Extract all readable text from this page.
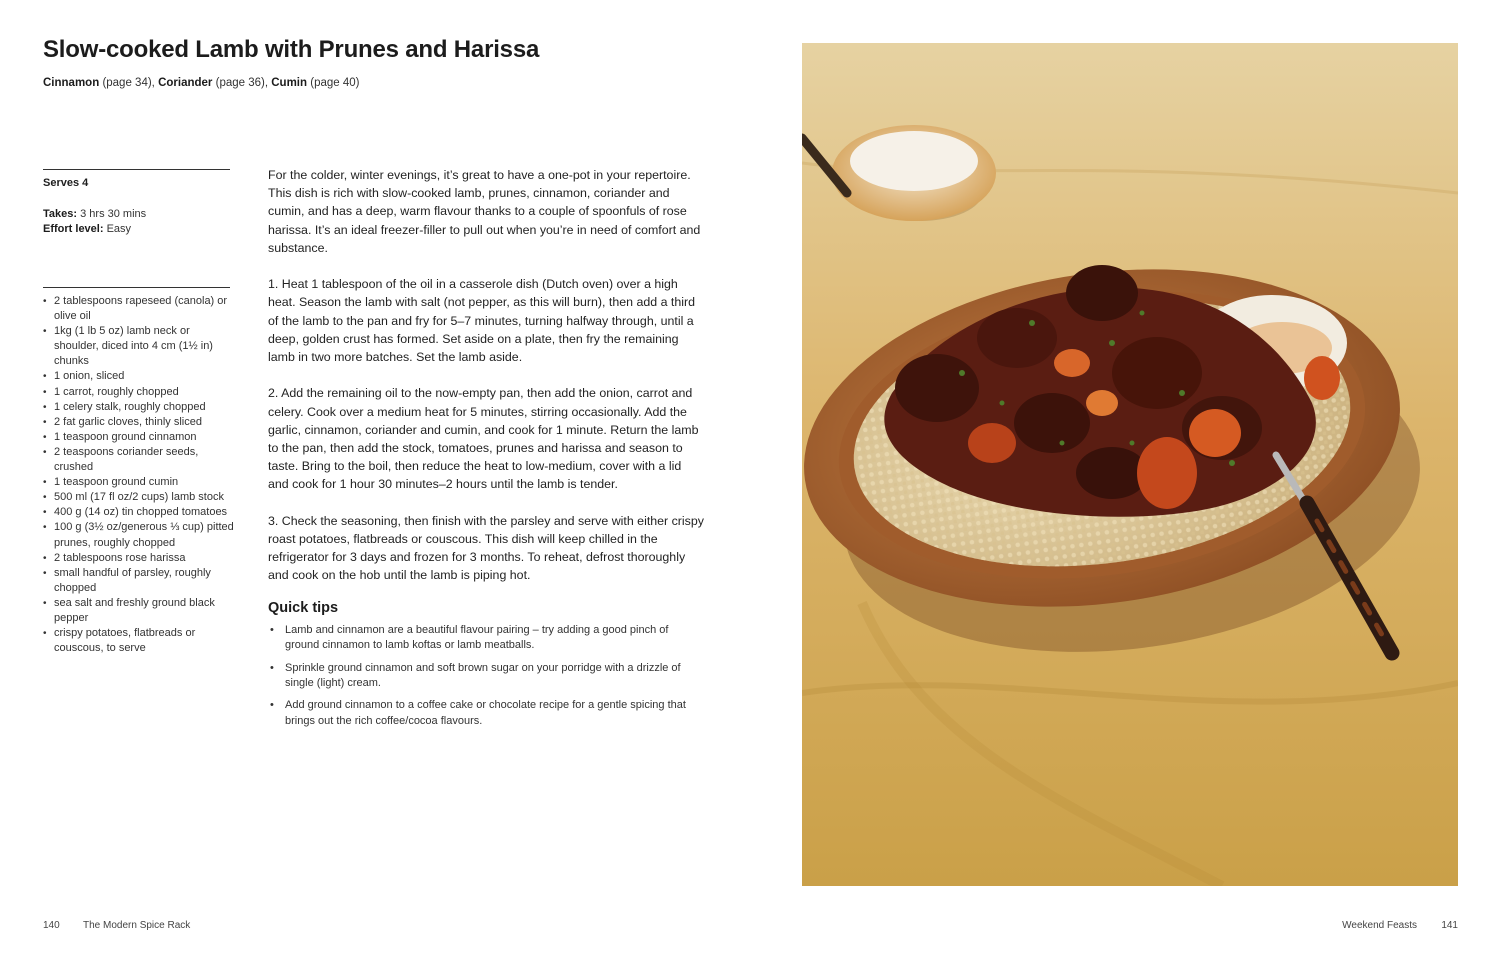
Slow-cooked Lamb with Prunes and Harissa
Cinnamon (page 34), Coriander (page 36), Cumin (page 40)
Serves 4
Takes: 3 hrs 30 mins
Effort level: Easy
• 2 tablespoons rapeseed (canola) or olive oil
• 1kg (1 lb 5 oz) lamb neck or shoulder, diced into 4 cm (1½ in) chunks
• 1 onion, sliced
• 1 carrot, roughly chopped
• 1 celery stalk, roughly chopped
• 2 fat garlic cloves, thinly sliced
• 1 teaspoon ground cinnamon
• 2 teaspoons coriander seeds, crushed
• 1 teaspoon ground cumin
• 500 ml (17 fl oz/2 cups) lamb stock
• 400 g (14 oz) tin chopped tomatoes
• 100 g (3½ oz/generous ⅓ cup) pitted prunes, roughly chopped
• 2 tablespoons rose harissa
• small handful of parsley, roughly chopped
• sea salt and freshly ground black pepper
• crispy potatoes, flatbreads or couscous, to serve

For the colder, winter evenings, it’s great to have a one-pot in your repertoire. This dish is rich with slow-cooked lamb, prunes, cinnamon, coriander and cumin, and has a deep, warm flavour thanks to a couple of spoonfuls of rose harissa. It’s an ideal freezer-filler to pull out when you’re in need of comfort and substance.

1. Heat 1 tablespoon of the oil in a casserole dish (Dutch oven) over a high heat. Season the lamb with salt (not pepper, as this will burn), then add a third of the lamb to the pan and fry for 5–7 minutes, turning halfway through, until a deep, golden crust has formed. Set aside on a plate, then fry the remaining lamb in two more batches. Set the lamb aside.

2. Add the remaining oil to the now-empty pan, then add the onion, carrot and celery. Cook over a medium heat for 5 minutes, stirring occasionally. Add the garlic, cinnamon, coriander and cumin, and cook for 1 minute. Return the lamb to the pan, then add the stock, tomatoes, prunes and harissa and season to taste. Bring to the boil, then reduce the heat to low-medium, cover with a lid and cook for 1 hour 30 minutes–2 hours until the lamb is tender.

3. Check the seasoning, then finish with the parsley and serve with either crispy roast potatoes, flatbreads or couscous. This dish will keep chilled in the refrigerator for 3 days and frozen for 3 months. To reheat, defrost thoroughly and cook on the hob until the lamb is piping hot.

Quick tips
• Lamb and cinnamon are a beautiful flavour pairing – try adding a good pinch of ground cinnamon to lamb koftas or lamb meatballs.
• Sprinkle ground cinnamon and soft brown sugar on your porridge with a drizzle of single (light) cream.
• Add ground cinnamon to a coffee cake or chocolate recipe for a gentle spicing that brings out the rich coffee/cocoa flavours.
140 The Modern Spice Rack	Weekend Feasts 141
